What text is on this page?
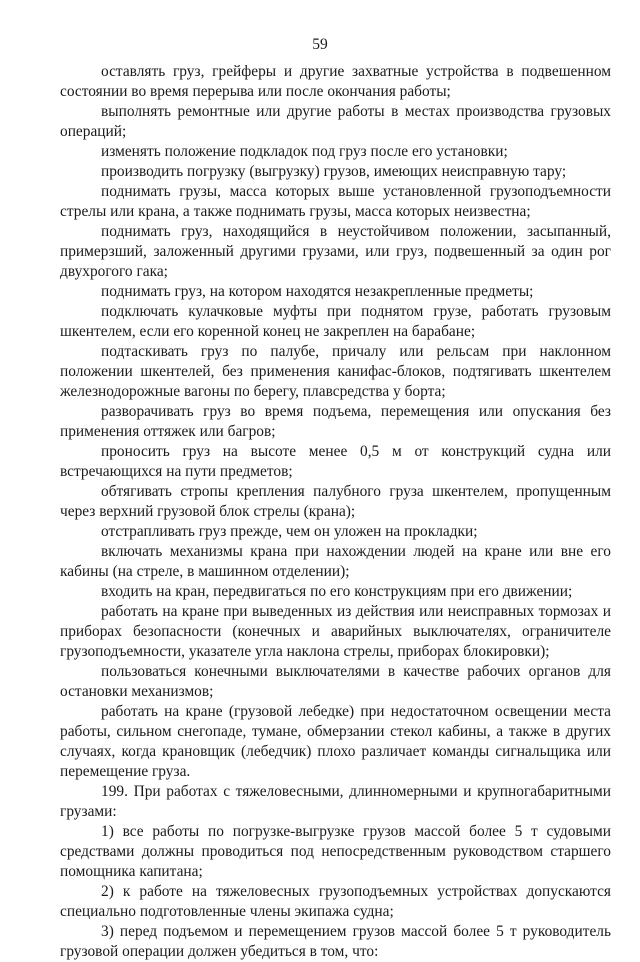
59

оставлять груз, грейферы и другие захватные устройства в подвешенном состоянии во время перерыва или после окончания работы;

выполнять ремонтные или другие работы в местах производства грузовых операций;

изменять положение подкладок под груз после его установки;

производить погрузку (выгрузку) грузов, имеющих неисправную тару;

поднимать грузы, масса которых выше установленной грузоподъемности стрелы или крана, а также поднимать грузы, масса которых неизвестна;

поднимать груз, находящийся в неустойчивом положении, засыпанный, примерзший, заложенный другими грузами, или груз, подвешенный за один рог двухрогого гака;

поднимать груз, на котором находятся незакрепленные предметы;

подключать кулачковые муфты при поднятом грузе, работать грузовым шкентелем, если его коренной конец не закреплен на барабане;

подтаскивать груз по палубе, причалу или рельсам при наклонном положении шкентелей, без применения канифас-блоков, подтягивать шкентелем железнодорожные вагоны по берегу, плавсредства у борта;

разворачивать груз во время подъема, перемещения или опускания без применения оттяжек или багров;

проносить груз на высоте менее 0,5 м от конструкций судна или встречающихся на пути предметов;

обтягивать стропы крепления палубного груза шкентелем, пропущенным через верхний грузовой блок стрелы (крана);

отстрапливать груз прежде, чем он уложен на прокладки;

включать механизмы крана при нахождении людей на кране или вне его кабины (на стреле, в машинном отделении);

входить на кран, передвигаться по его конструкциям при его движении;

работать на кране при выведенных из действия или неисправных тормозах и приборах безопасности (конечных и аварийных выключателях, ограничителе грузоподъемности, указателе угла наклона стрелы, приборах блокировки);

пользоваться конечными выключателями в качестве рабочих органов для остановки механизмов;

работать на кране (грузовой лебедке) при недостаточном освещении места работы, сильном снегопаде, тумане, обмерзании стекол кабины, а также в других случаях, когда крановщик (лебедчик) плохо различает команды сигнальщика или перемещение груза.

199. При работах с тяжеловесными, длинномерными и крупногабаритными грузами:

1) все работы по погрузке-выгрузке грузов массой более 5 т судовыми средствами должны проводиться под непосредственным руководством старшего помощника капитана;

2) к работе на тяжеловесных грузоподъемных устройствах допускаются специально подготовленные члены экипажа судна;

3) перед подъемом и перемещением грузов массой более 5 т руководитель грузовой операции должен убедиться в том, что:
